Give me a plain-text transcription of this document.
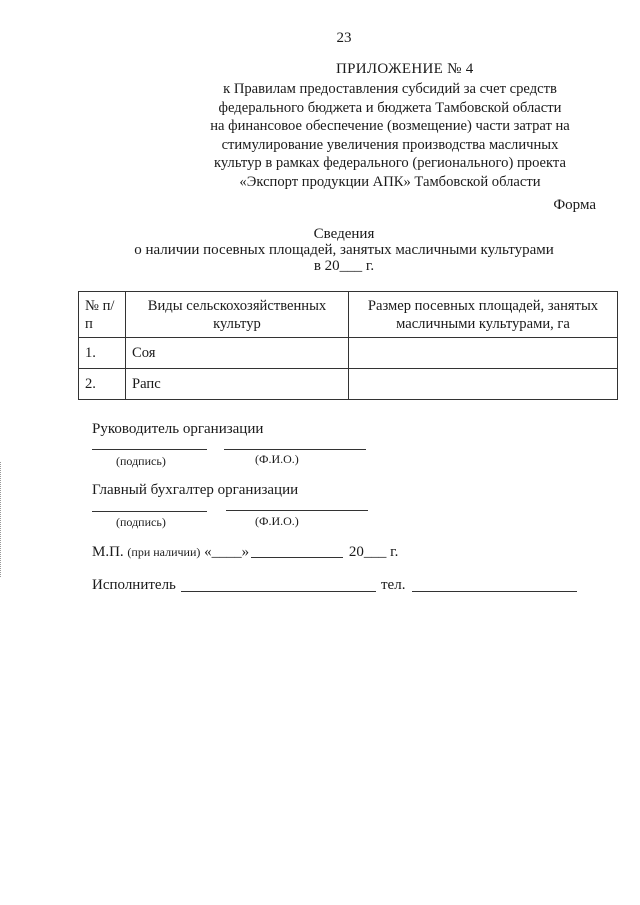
23
ПРИЛОЖЕНИЕ № 4
к Правилам предоставления субсидий за счет средств
федерального бюджета и бюджета Тамбовской области
на финансовое обеспечение (возмещение) части затрат на
стимулирование увеличения производства масличных
культур в рамках федерального (регионального) проекта
«Экспорт продукции АПК» Тамбовской области
Форма
Сведения
о наличии посевных площадей, занятых масличными культурами
в 20___ г.
№ п/п	Виды сельскохозяйственных культур	Размер посевных площадей, занятых масличными культурами, га
1.	Соя	
2.	Рапс	
Руководитель организации
(подпись)	(Ф.И.О.)
Главный бухгалтер организации
(подпись)	(Ф.И.О.)
М.П. (при наличии) «____»	20___ г.
Исполнитель	тел.
